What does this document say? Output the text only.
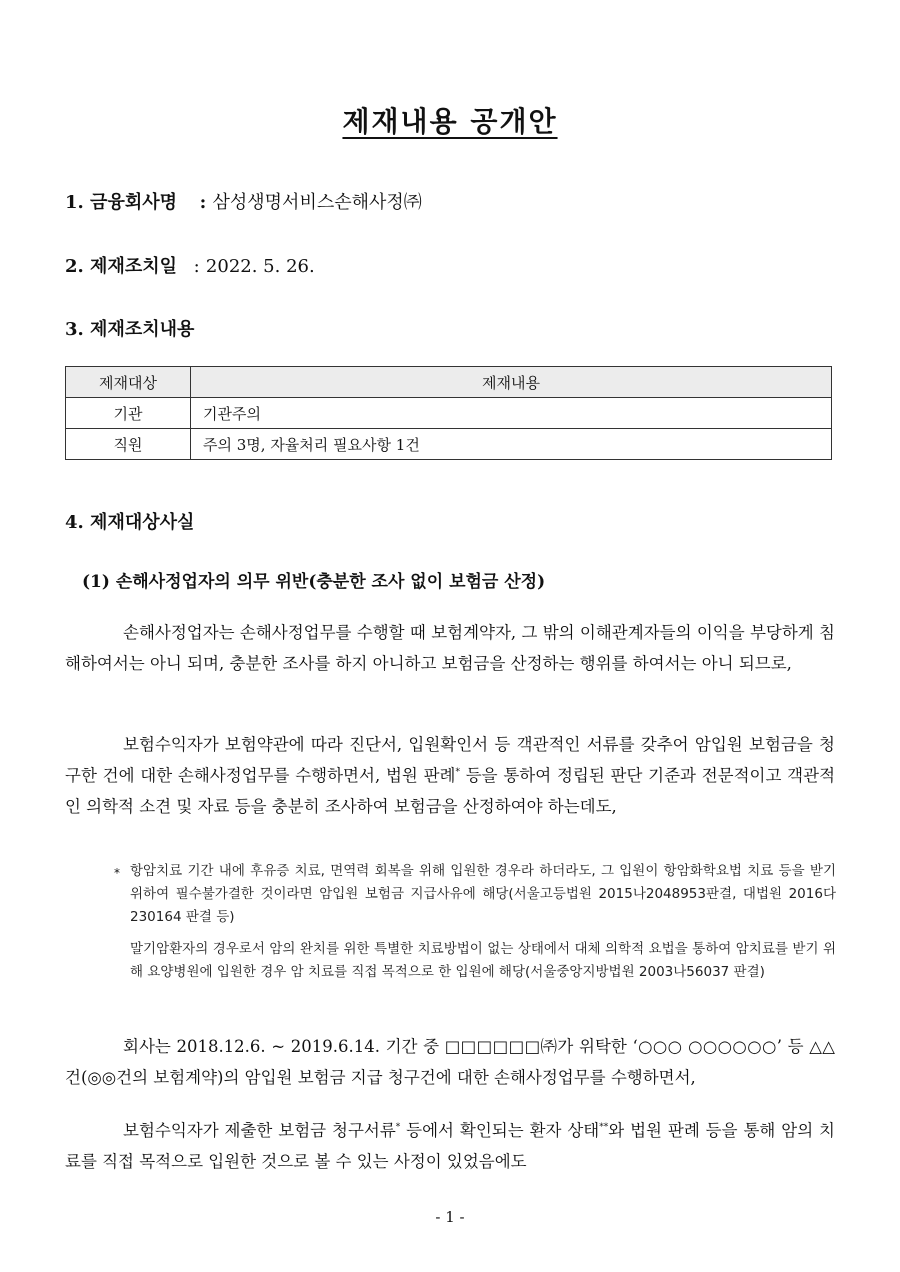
제재내용 공개안
1. 금융회사명 : 삼성생명서비스손해사정㈜
2. 제재조치일 : 2022. 5. 26.
3. 제재조치내용
제재대상	제재내용
기관	기관주의
직원	주의 3명, 자율처리 필요사항 1건
4. 제재대상사실
(1) 손해사정업자의 의무 위반(충분한 조사 없이 보험금 산정)
손해사정업자는 손해사정업무를 수행할 때 보험계약자, 그 밖의 이해관계자들의 이익을 부당하게 침해하여서는 아니 되며, 충분한 조사를 하지 아니하고 보험금을 산정하는 행위를 하여서는 아니 되므로,
보험수익자가 보험약관에 따라 진단서, 입원확인서 등 객관적인 서류를 갖추어 암입원 보험금을 청구한 건에 대한 손해사정업무를 수행하면서, 법원 판례* 등을 통하여 정립된 판단 기준과 전문적이고 객관적인 의학적 소견 및 자료 등을 충분히 조사하여 보험금을 산정하여야 하는데도,
* 항암치료 기간 내에 후유증 치료, 면역력 회복을 위해 입원한 경우라 하더라도, 그 입원이 항암화학요법 치료 등을 받기 위하여 필수불가결한 것이라면 암입원 보험금 지급사유에 해당(서울고등법원 2015나2048953판결, 대법원 2016다230164 판결 등)
말기암환자의 경우로서 암의 완치를 위한 특별한 치료방법이 없는 상태에서 대체 의학적 요법을 통하여 암치료를 받기 위해 요양병원에 입원한 경우 암 치료를 직접 목적으로 한 입원에 해당(서울중앙지방법원 2003나56037 판결)
회사는 2018.12.6. ~ 2019.6.14. 기간 중 □□□□□□㈜가 위탁한 ‘○○○ ○○○○○○’ 등 △△건(◎◎건의 보험계약)의 암입원 보험금 지급 청구건에 대한 손해사정업무를 수행하면서,
보험수익자가 제출한 보험금 청구서류* 등에서 확인되는 환자 상태**와 법원 판례 등을 통해 암의 치료를 직접 목적으로 입원한 것으로 볼 수 있는 사정이 있었음에도
- 1 -
